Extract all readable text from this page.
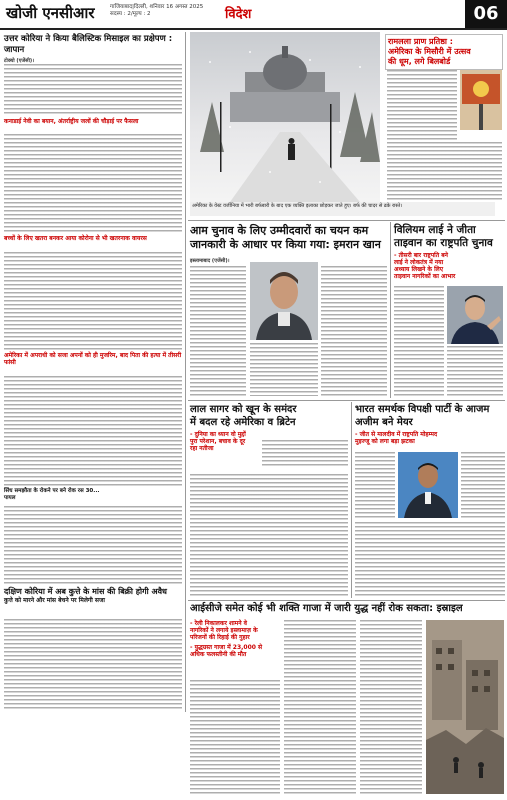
खोजी एनसीआर	गाजियाबाद|दिल्ली, शनिवार 16 अगस्त 2025
सदस्य : 2/मूल्य : 2	विदेश	06
उत्तर कोरिया ने किया बैलिस्टिक मिसाइल का प्रक्षेपण : जापान
टोक्यो (एजेंसी)।
कनाडाई नेवी का बयान, अंतर्राष्ट्रीय जलों की चौड़ाई पर फैसला
बच्चों के लिए खतरा बनकर आया कोरोना से भी खतरनाक वायरस
अमेरिका में अपराधी को सजा अपनों को ही मुजरिम, बाद पिता की हत्या में तीसरी फांसी
सिंध समझौता के रोकने पर बने रोक रस 30...
पायल
दक्षिण कोरिया में अब कुत्ते के मांस की बिक्री होगी अवैध
कुत्ते को मारने और मांस बेचने पर मिलेगी सजा
अमेरिका के वेस्ट वर्जीनिया में भारी बर्फबारी के बाद एक व्यक्ति इलाका छोड़कर जाते हुए। बर्फ की चादर से ढके रास्ते।
रामलला प्राण प्रतिष्ठा :
अमेरिका के मिसौरी में उत्सव
की धूम, लगे बिलबोर्ड
आम चुनाव के लिए उम्मीदवारों का चयन कम
जानकारी के आधार पर किया गया: इमरान खान
इस्लामाबाद (एजेंसी)।
विलियम लाई ने जीता
ताइवान का राष्ट्रपति चुनाव
- तीसरी बार राष्ट्रपति बने
लाई ने लोकतंत्र में नया
अध्याय लिखने के लिए
ताइवान नागरिकों का आभार
लाल सागर को खून के समंदर
में बदल रहे अमेरिका व ब्रिटेन
- दुनिया का ध्यान वो मुद्दों
पुरा परेशान, बचाव के दूर
रहा नतीजा
भारत समर्थक विपक्षी पार्टी के आजम अजीम बने मेयर
- जीत से मालदीव में राष्ट्रपति मोहम्मद
मुइज्जू को लगा बड़ा झटका
आईसीजे समेत कोई भी शक्ति गाजा में जारी युद्ध नहीं रोक सकता: इस्राइल
- रेली निकालकर शामने वे
नागरिकों ने लगाये इस्लामाज़ के
परिजनों की रिहाई की गुहार
- युद्धग्रस्त गाजा में 23,000 से
अधिक फलस्तीनी की मौत
